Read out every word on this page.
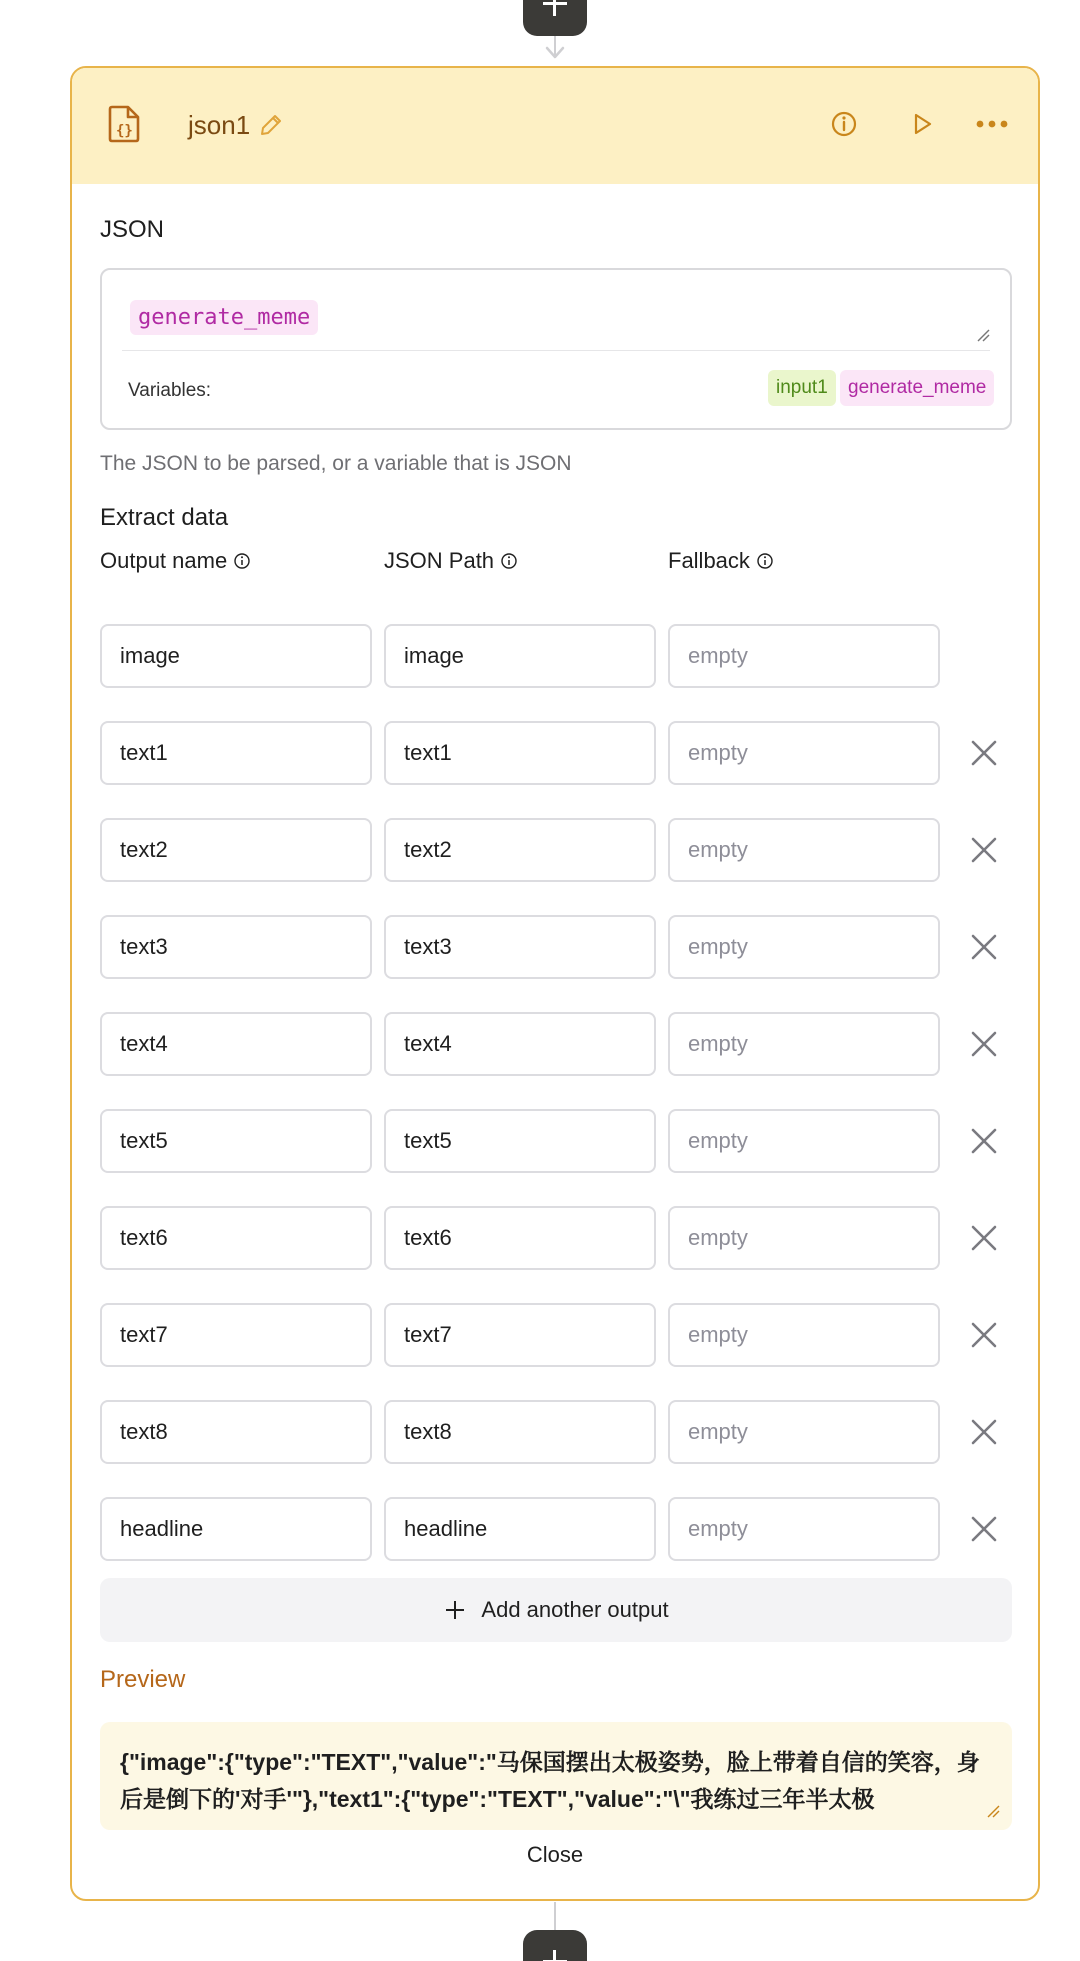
{} json1
JSON
generate_meme
Variables:	input1	generate_meme
The JSON to be parsed, or a variable that is JSON
Extract data
Output name	JSON Path	Fallback
image	image	empty
text1	text1	empty
text2	text2	empty
text3	text3	empty
text4	text4	empty
text5	text5	empty
text6	text6	empty
text7	text7	empty
text8	text8	empty
headline	headline	empty
Add another output
Preview
{"image":{"type":"TEXT","value":"马保国摆出太极姿势，脸上带着自信的笑容，身后是倒下的'对手'"},"text1":{"type":"TEXT","value":"\"我练过三年半太极
Close
